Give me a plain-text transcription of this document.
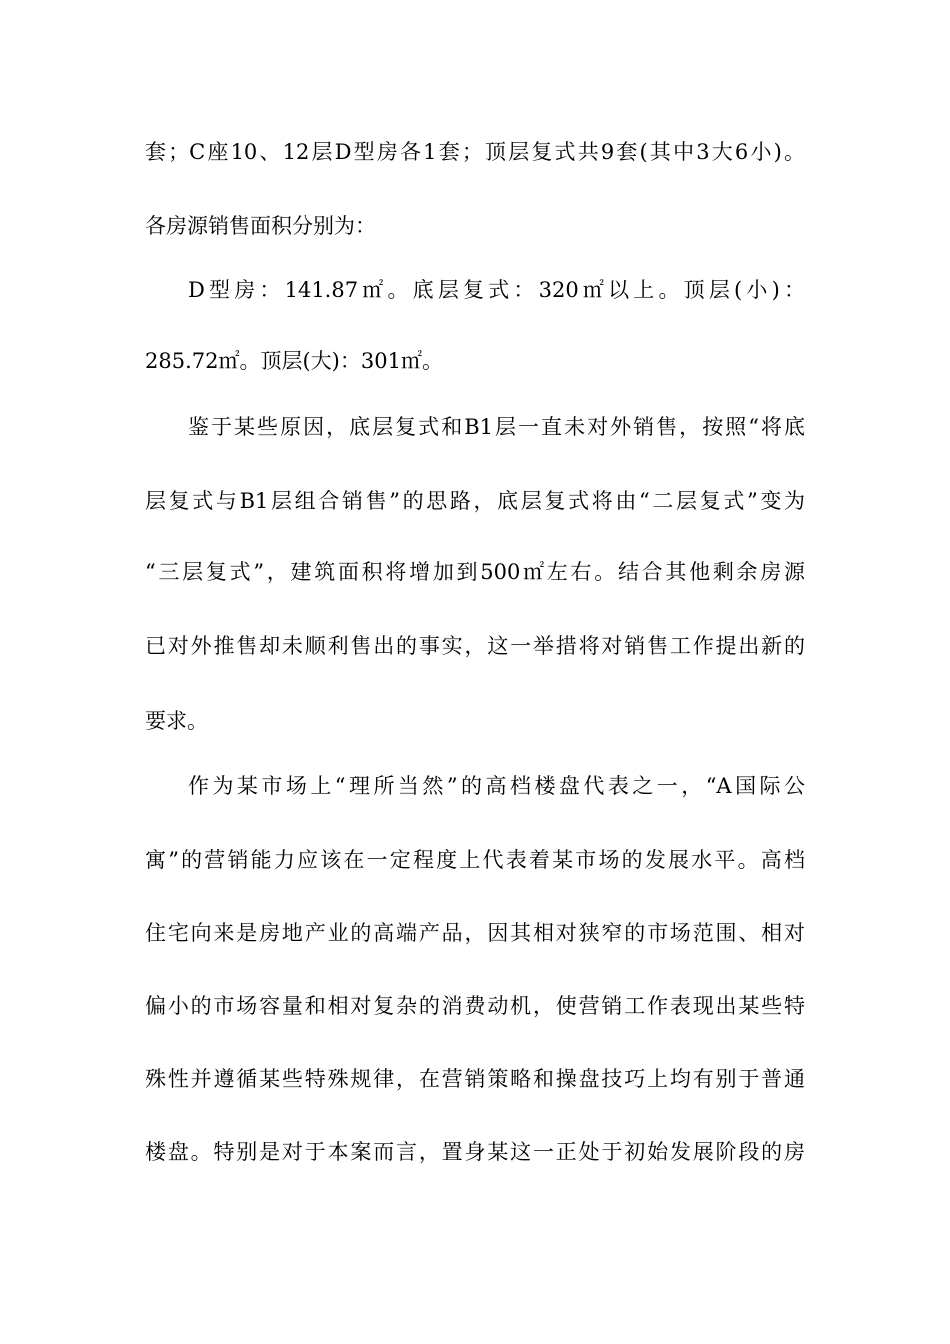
套；C座10、12层D型房各1套；顶层复式共9套(其中3大6小)。
各房源销售面积分别为：
D型房：141.87㎡。底层复式：320㎡以上。顶层(小)：
285.72㎡。顶层(大)：301㎡。
鉴于某些原因，底层复式和B1层一直未对外销售，按照“将底
层复式与B1层组合销售”的思路，底层复式将由“二层复式”变为
“三层复式”，建筑面积将增加到500㎡左右。结合其他剩余房源
已对外推售却未顺利售出的事实，这一举措将对销售工作提出新的
要求。
作为某市场上“理所当然”的高档楼盘代表之一，“A国际公
寓”的营销能力应该在一定程度上代表着某市场的发展水平。高档
住宅向来是房地产业的高端产品，因其相对狭窄的市场范围、相对
偏小的市场容量和相对复杂的消费动机，使营销工作表现出某些特
殊性并遵循某些特殊规律，在营销策略和操盘技巧上均有别于普通
楼盘。特别是对于本案而言，置身某这一正处于初始发展阶段的房
